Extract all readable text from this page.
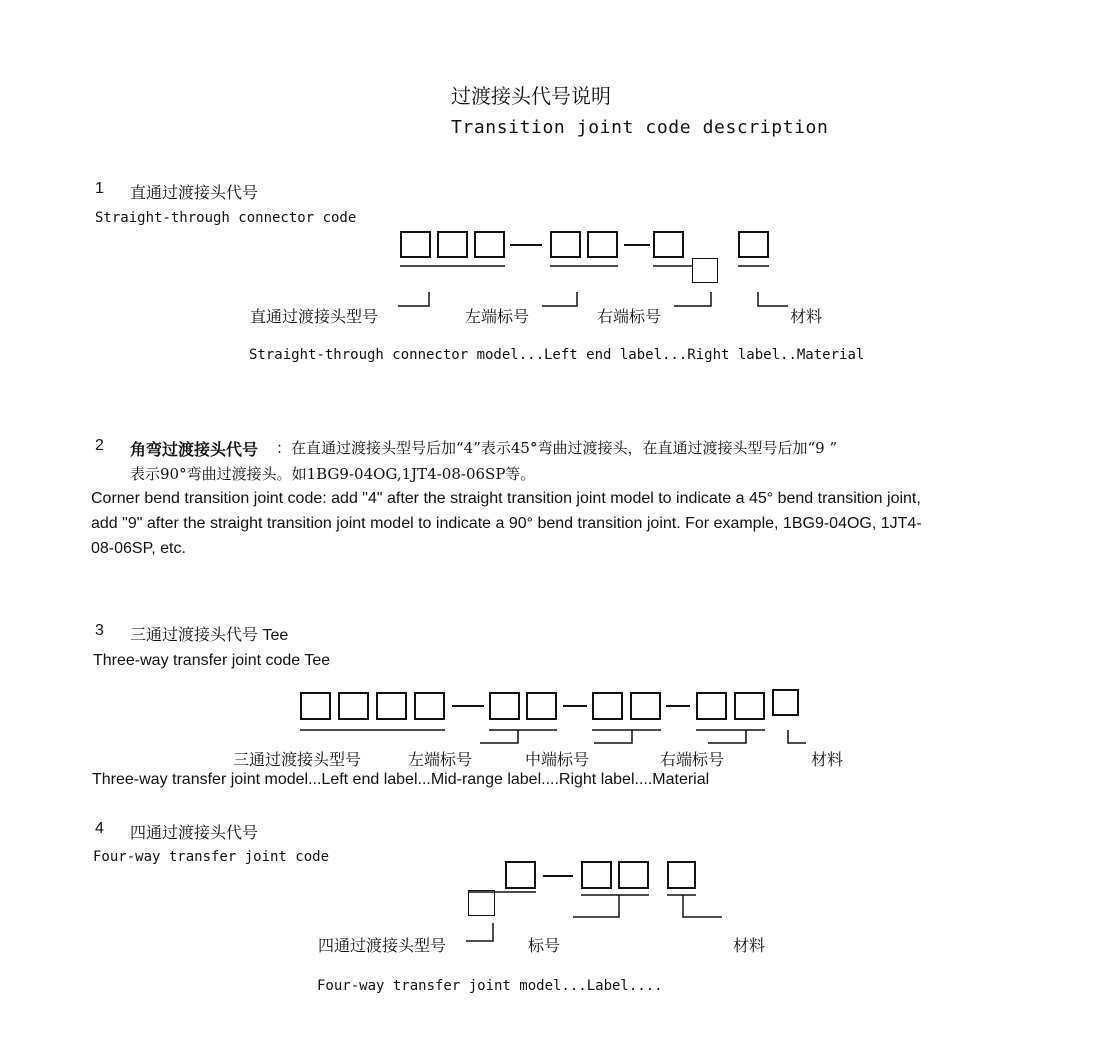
过渡接头代号说明
Transition joint code description
1 直通过渡接头代号
Straight-through connector code
直通过渡接头型号	左端标号	右端标号	材料
Straight-through connector model...Left end label...Right label..Material
2 角弯过渡接头代号 ：在直通过渡接头型号后加“4”表示45°弯曲过渡接头，在直通过渡接头型号后加“9 ”
表示90°弯曲过渡接头。如1BG9-04OG,1JT4-08-06SP等。
Corner bend transition joint code: add "4" after the straight transition joint model to indicate a 45° bend transition joint,
add "9" after the straight transition joint model to indicate a 90° bend transition joint. For example, 1BG9-04OG, 1JT4-
08-06SP, etc.
3 三通过渡接头代号 Tee
Three-way transfer joint code Tee
三通过渡接头型号	左端标号	中端标号	右端标号	材料
Three-way transfer joint model...Left end label...Mid-range label....Right label....Material
4 四通过渡接头代号
Four-way transfer joint code
四通过渡接头型号	标号	材料
Four-way transfer joint model...Label....
